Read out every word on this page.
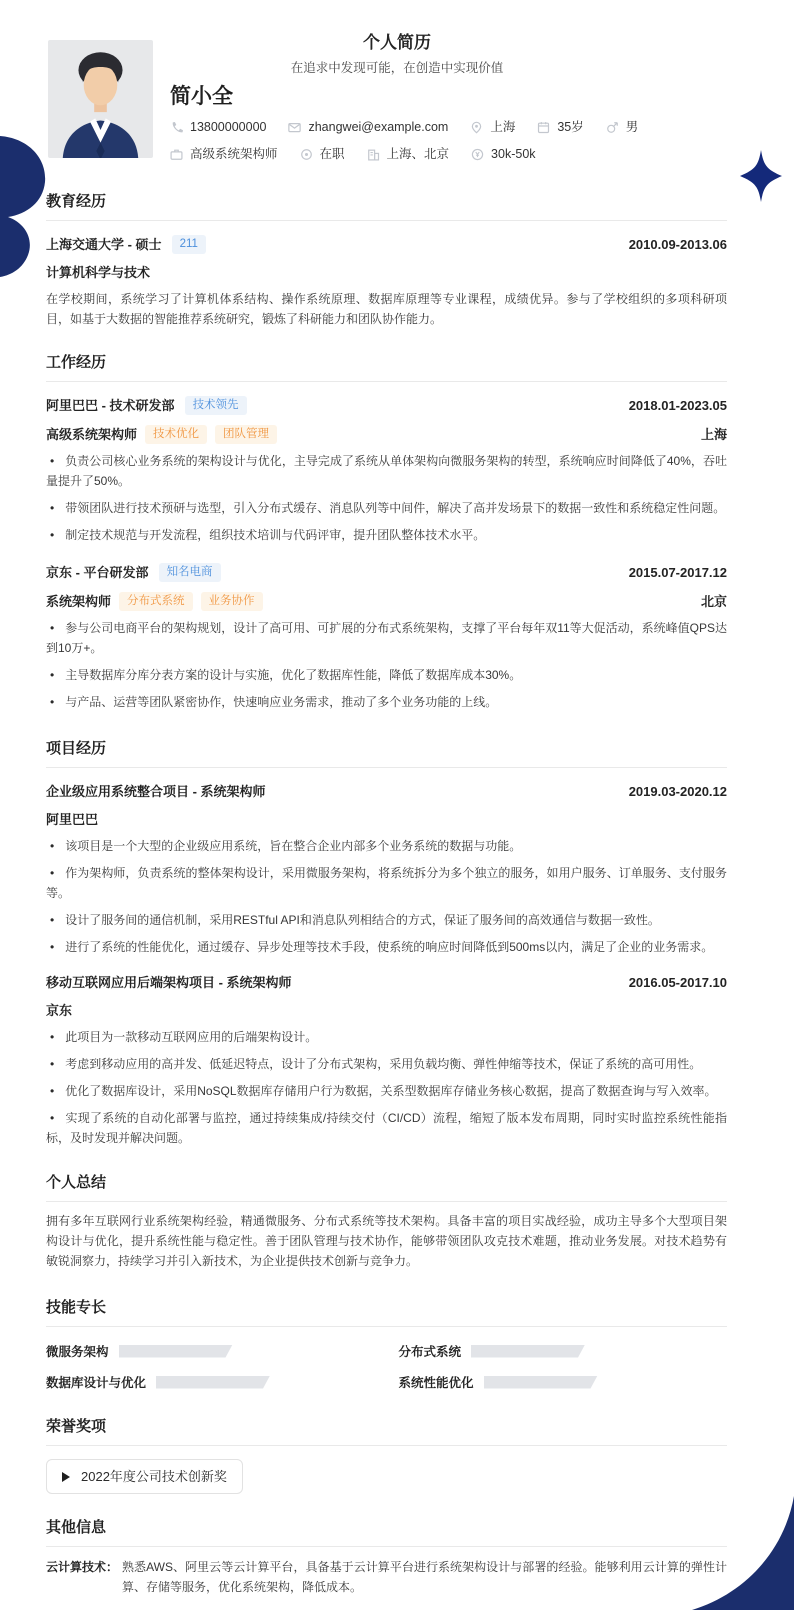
个人简历
在追求中发现可能，在创造中实现价值
简小全
13800000000	zhangwei@example.com	上海	35岁	男
高级系统架构师	在职	上海、北京	30k-50k
教育经历
上海交通大学 - 硕士	211	2010.09-2013.06
计算机科学与技术

在学校期间，系统学习了计算机体系结构、操作系统原理、数据库原理等专业课程，成绩优异。参与了学校组织的多项科研项目，如基于大数据的智能推荐系统研究，锻炼了科研能力和团队协作能力。

工作经历
阿里巴巴 - 技术研发部	技术领先	2018.01-2023.05
高级系统架构师	技术优化	团队管理	上海

• 负责公司核心业务系统的架构设计与优化，主导完成了系统从单体架构向微服务架构的转型，系统响应时间降低了40%，吞吐量提升了50%。

• 带领团队进行技术预研与选型，引入分布式缓存、消息队列等中间件，解决了高并发场景下的数据一致性和系统稳定性问题。

• 制定技术规范与开发流程，组织技术培训与代码评审，提升团队整体技术水平。

京东 - 平台研发部	知名电商	2015.07-2017.12
系统架构师	分布式系统	业务协作	北京

• 参与公司电商平台的架构规划，设计了高可用、可扩展的分布式系统架构，支撑了平台每年双11等大促活动，系统峰值QPS达到10万+。

• 主导数据库分库分表方案的设计与实施，优化了数据库性能，降低了数据库成本30%。

• 与产品、运营等团队紧密协作，快速响应业务需求，推动了多个业务功能的上线。

项目经历
企业级应用系统整合项目 - 系统架构师	2019.03-2020.12
阿里巴巴

• 该项目是一个大型的企业级应用系统，旨在整合企业内部多个业务系统的数据与功能。

• 作为架构师，负责系统的整体架构设计，采用微服务架构，将系统拆分为多个独立的服务，如用户服务、订单服务、支付服务等。

• 设计了服务间的通信机制，采用RESTful API和消息队列相结合的方式，保证了服务间的高效通信与数据一致性。

• 进行了系统的性能优化，通过缓存、异步处理等技术手段，使系统的响应时间降低到500ms以内，满足了企业的业务需求。

移动互联网应用后端架构项目 - 系统架构师	2016.05-2017.10
京东

• 此项目为一款移动互联网应用的后端架构设计。

• 考虑到移动应用的高并发、低延迟特点，设计了分布式架构，采用负载均衡、弹性伸缩等技术，保证了系统的高可用性。

• 优化了数据库设计，采用NoSQL数据库存储用户行为数据，关系型数据库存储业务核心数据，提高了数据查询与写入效率。

• 实现了系统的自动化部署与监控，通过持续集成/持续交付（CI/CD）流程，缩短了版本发布周期，同时实时监控系统性能指标，及时发现并解决问题。

个人总结

拥有多年互联网行业系统架构经验，精通微服务、分布式系统等技术架构。具备丰富的项目实战经验，成功主导多个大型项目架构设计与优化，提升系统性能与稳定性。善于团队管理与技术协作，能够带领团队攻克技术难题，推动业务发展。对技术趋势有敏锐洞察力，持续学习并引入新技术，为企业提供技术创新与竞争力。

技能专长
微服务架构	分布式系统
数据库设计与优化	系统性能优化
荣誉奖项
2022年度公司技术创新奖
其他信息
云计算技术： 熟悉AWS、阿里云等云计算平台，具备基于云计算平台进行系统架构设计与部署的经验。能够利用云计算的弹性计算、存储等服务，优化系统架构，降低成本。
